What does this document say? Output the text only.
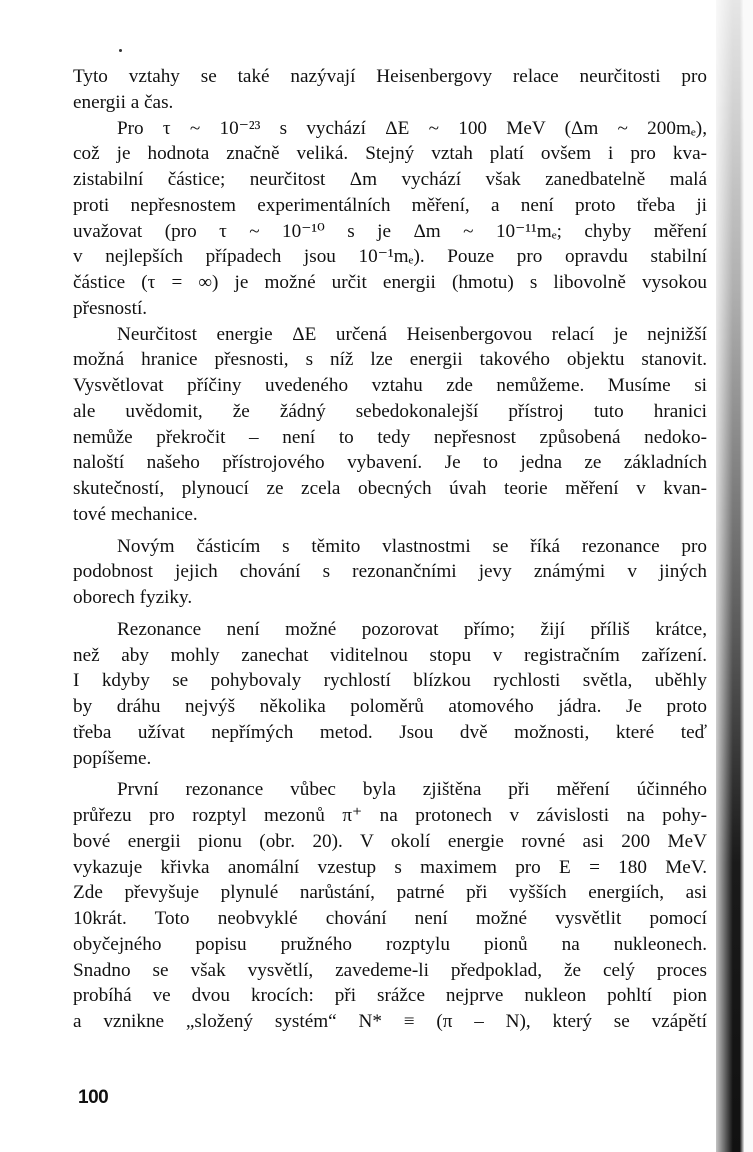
Tyto vztahy se také nazývají Heisenbergovy relace neurčitosti pro
energii a čas.
Pro τ ~ 10⁻²³ s vychází ΔE ~ 100 MeV (Δm ~ 200mₑ),
což je hodnota značně veliká. Stejný vztah platí ovšem i pro kva-
zistabilní částice; neurčitost Δm vychází však zanedbatelně malá
proti nepřesnostem experimentálních měření, a není proto třeba ji
uvažovat (pro τ ~ 10⁻¹⁰ s je Δm ~ 10⁻¹¹mₑ; chyby měření
v nejlepších případech jsou 10⁻¹mₑ). Pouze pro opravdu stabilní
částice (τ = ∞) je možné určit energii (hmotu) s libovolně vysokou
přesností.
Neurčitost energie ΔE určená Heisenbergovou relací je nejnižší
možná hranice přesnosti, s níž lze energii takového objektu stanovit.
Vysvětlovat příčiny uvedeného vztahu zde nemůžeme. Musíme si
ale uvědomit, že žádný sebedokonalejší přístroj tuto hranici
nemůže překročit – není to tedy nepřesnost způsobená nedoko-
naloští našeho přístrojového vybavení. Je to jedna ze základních
skutečností, plynoucí ze zcela obecných úvah teorie měření v kvan-
tové mechanice.
Novým částicím s těmito vlastnostmi se říká rezonance pro
podobnost jejich chování s rezonančními jevy známými v jiných
oborech fyziky.
Rezonance není možné pozorovat přímo; žijí příliš krátce,
než aby mohly zanechat viditelnou stopu v registračním zařízení.
I kdyby se pohybovaly rychlostí blízkou rychlosti světla, uběhly
by dráhu nejvýš několika poloměrů atomového jádra. Je proto
třeba užívat nepřímých metod. Jsou dvě možnosti, které teď
popíšeme.
První rezonance vůbec byla zjištěna při měření účinného
průřezu pro rozptyl mezonů π⁺ na protonech v závislosti na pohy-
bové energii pionu (obr. 20). V okolí energie rovné asi 200 MeV
vykazuje křivka anomální vzestup s maximem pro E = 180 MeV.
Zde převyšuje plynulé narůstání, patrné při vyšších energiích, asi
10krát. Toto neobvyklé chování není možné vysvětlit pomocí
obyčejného popisu pružného rozptylu pionů na nukleonech.
Snadno se však vysvětlí, zavedeme-li předpoklad, že celý proces
probíhá ve dvou krocích: při srážce nejprve nukleon pohltí pion
a vznikne „složený systém“ N* ≡ (π – N), který se vzápětí
100
